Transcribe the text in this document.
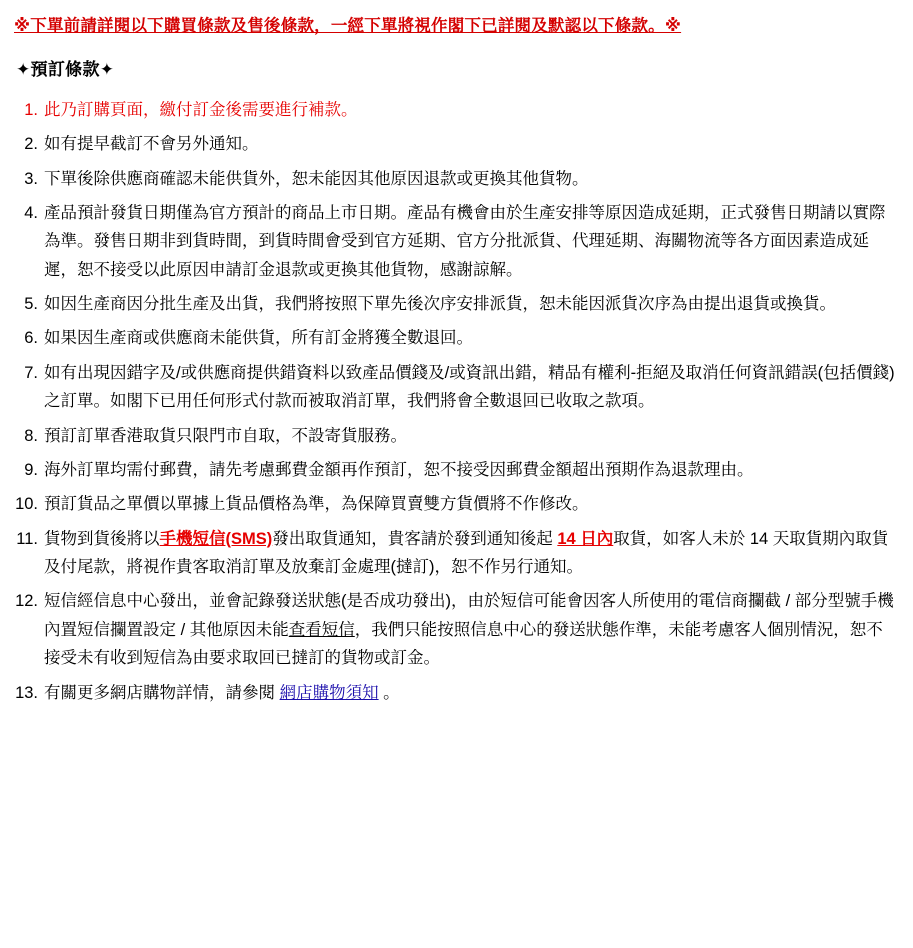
※下單前請詳閱以下購買條款及售後條款，一經下單將視作閣下已詳閱及默認以下條款。※
✦預訂條款✦
1. 此乃訂購頁面，繳付訂金後需要進行補款。
2. 如有提早截訂不會另外通知。
3. 下單後除供應商確認未能供貨外，恕未能因其他原因退款或更換其他貨物。
4. 產品預計發貨日期僅為官方預計的商品上市日期。產品有機會由於生產安排等原因造成延期，正式發售日期請以實際為準。發售日期非到貨時間，到貨時間會受到官方延期、官方分批派貨、代理延期、海關物流等各方面因素造成延遲，恕不接受以此原因申請訂金退款或更換其他貨物，感謝諒解。
5. 如因生產商因分批生產及出貨，我們將按照下單先後次序安排派貨，恕未能因派貨次序為由提出退貨或換貨。
6. 如果因生產商或供應商未能供貨，所有訂金將獲全數退回。
7. 如有出現因錯字及/或供應商提供錯資料以致產品價錢及/或資訊出錯，精品有權利-拒絕及取消任何資訊錯誤(包括價錢)之訂單。如閣下已用任何形式付款而被取消訂單，我們將會全數退回已收取之款項。
8. 預訂訂單香港取貨只限門市自取，不設寄貨服務。
9. 海外訂單均需付郵費，請先考慮郵費金額再作預訂，恕不接受因郵費金額超出預期作為退款理由。
10. 預訂貨品之單價以單據上貨品價格為準，為保障買賣雙方貨價將不作修改。
11. 貨物到貨後將以手機短信(SMS)發出取貨通知，貴客請於發到通知後起 14 日內取貨，如客人未於 14 天取貨期內取貨及付尾款，將視作貴客取消訂單及放棄訂金處理(撻訂)，恕不作另行通知。
12. 短信經信息中心發出，並會記錄發送狀態(是否成功發出)，由於短信可能會因客人所使用的電信商攔截 / 部分型號手機內置短信攔置設定 / 其他原因未能查看短信，我們只能按照信息中心的發送狀態作準，未能考慮客人個別情況，恕不接受未有收到短信為由要求取回已撻訂的貨物或訂金。
13. 有關更多網店購物詳情，請參閱 網店購物須知 。
